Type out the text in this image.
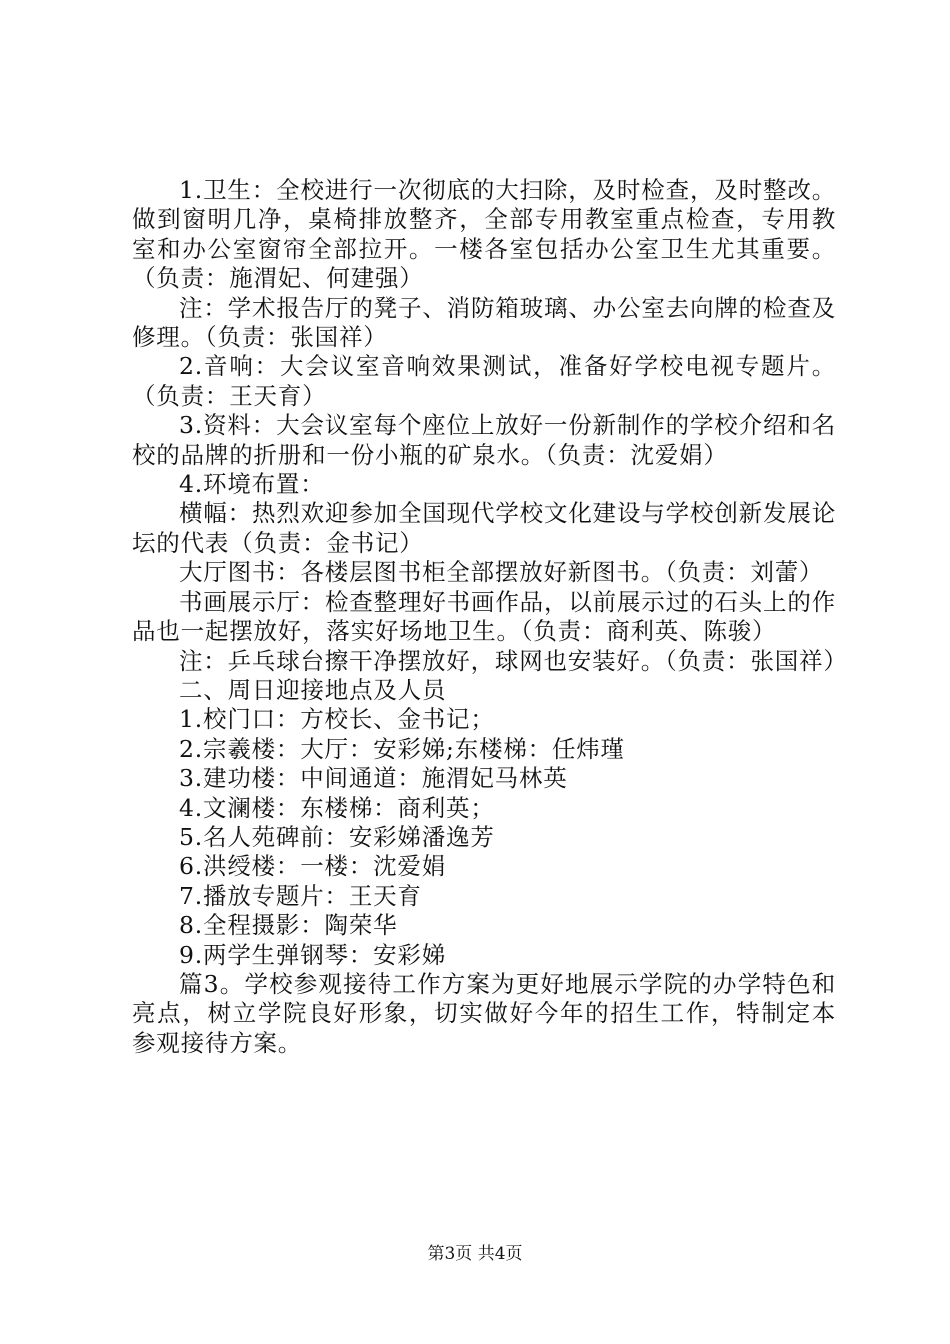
1.卫生：全校进行一次彻底的大扫除，及时检查，及时整改。做到窗明几净，桌椅排放整齐，全部专用教室重点检查，专用教室和办公室窗帘全部拉开。一楼各室包括办公室卫生尤其重要。（负责：施渭妃、何建强）

注：学术报告厅的凳子、消防箱玻璃、办公室去向牌的检查及修理。（负责：张国祥）

2.音响：大会议室音响效果测试，准备好学校电视专题片。（负责：王天育）

3.资料：大会议室每个座位上放好一份新制作的学校介绍和名校的品牌的折册和一份小瓶的矿泉水。（负责：沈爱娟）

4.环境布置：

横幅：热烈欢迎参加全国现代学校文化建设与学校创新发展论坛的代表（负责：金书记）

大厅图书：各楼层图书柜全部摆放好新图书。（负责：刘蕾）

书画展示厅：检查整理好书画作品，以前展示过的石头上的作品也一起摆放好，落实好场地卫生。（负责：商利英、陈骏）

注：乒乓球台擦干净摆放好，球网也安装好。（负责：张国祥）

二、周日迎接地点及人员

1.校门口：方校长、金书记；

2.宗羲楼：大厅：安彩娣;东楼梯：任炜瑾

3.建功楼：中间通道：施渭妃马林英

4.文澜楼：东楼梯：商利英；

5.名人苑碑前：安彩娣潘逸芳

6.洪绶楼：一楼：沈爱娟

7.播放专题片：王天育

8.全程摄影：陶荣华

9.两学生弹钢琴：安彩娣

篇3。学校参观接待工作方案为更好地展示学院的办学特色和亮点，树立学院良好形象，切实做好今年的招生工作，特制定本参观接待方案。

第3页 共4页
